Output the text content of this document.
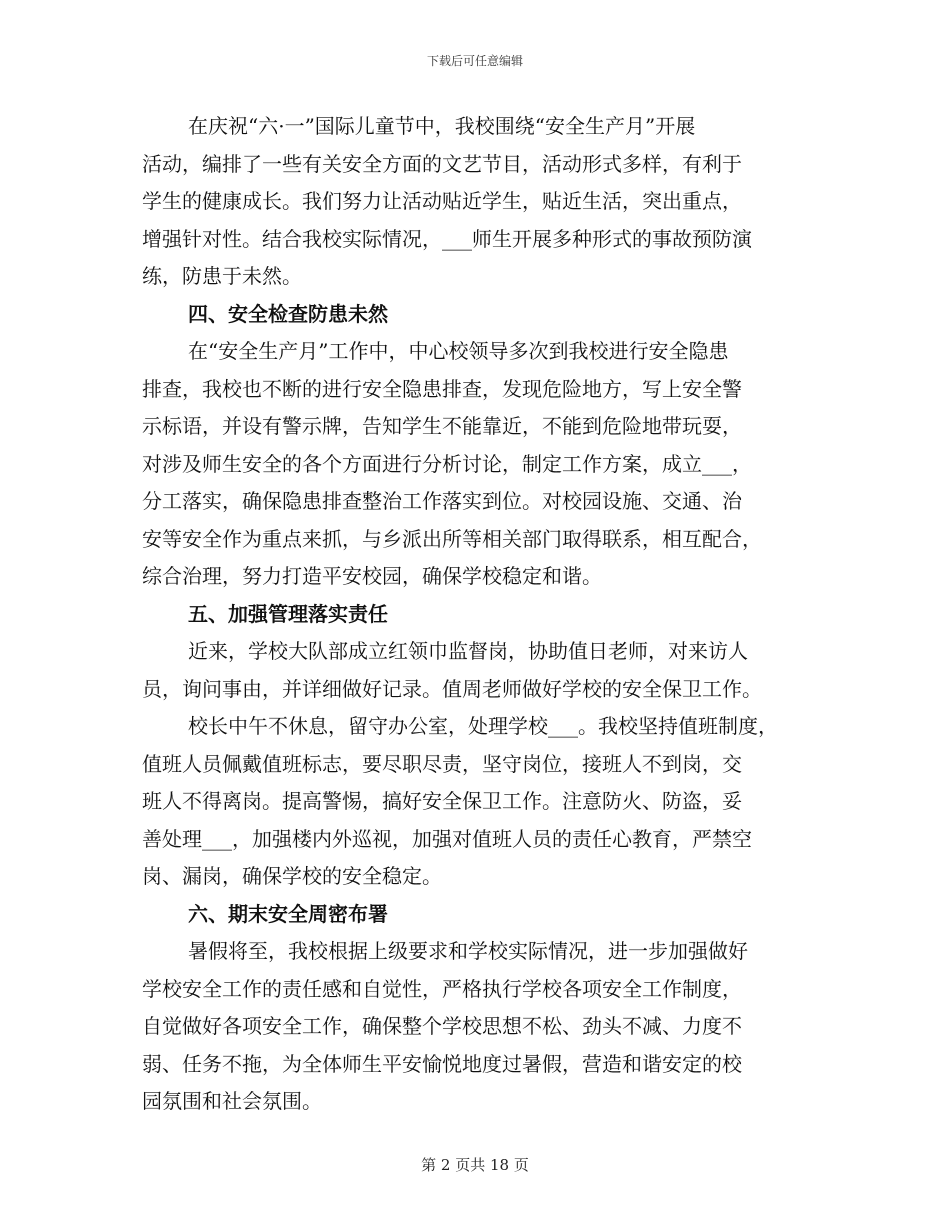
下载后可任意编辑
在庆祝“六·一”国际儿童节中，我校围绕“安全生产月”开展
活动，编排了一些有关安全方面的文艺节目，活动形式多样，有利于
学生的健康成长。我们努力让活动贴近学生，贴近生活，突出重点，
增强针对性。结合我校实际情况，___师生开展多种形式的事故预防演
练，防患于未然。
四、安全检查防患未然
在“安全生产月”工作中，中心校领导多次到我校进行安全隐患
排查，我校也不断的进行安全隐患排查，发现危险地方，写上安全警
示标语，并设有警示牌，告知学生不能靠近，不能到危险地带玩耍，
对涉及师生安全的各个方面进行分析讨论，制定工作方案，成立___，
分工落实，确保隐患排查整治工作落实到位。对校园设施、交通、治
安等安全作为重点来抓，与乡派出所等相关部门取得联系，相互配合，
综合治理，努力打造平安校园，确保学校稳定和谐。
五、加强管理落实责任
近来，学校大队部成立红领巾监督岗，协助值日老师，对来访人
员，询问事由，并详细做好记录。值周老师做好学校的安全保卫工作。
校长中午不休息，留守办公室，处理学校___。我校坚持值班制度，
值班人员佩戴值班标志，要尽职尽责，坚守岗位，接班人不到岗，交
班人不得离岗。提高警惕，搞好安全保卫工作。注意防火、防盗，妥
善处理___，加强楼内外巡视，加强对值班人员的责任心教育，严禁空
岗、漏岗，确保学校的安全稳定。
六、期末安全周密布署
暑假将至，我校根据上级要求和学校实际情况，进一步加强做好
学校安全工作的责任感和自觉性，严格执行学校各项安全工作制度，
自觉做好各项安全工作，确保整个学校思想不松、劲头不减、力度不
弱、任务不拖，为全体师生平安愉悦地度过暑假，营造和谐安定的校
园氛围和社会氛围。
第 2 页共 18 页
